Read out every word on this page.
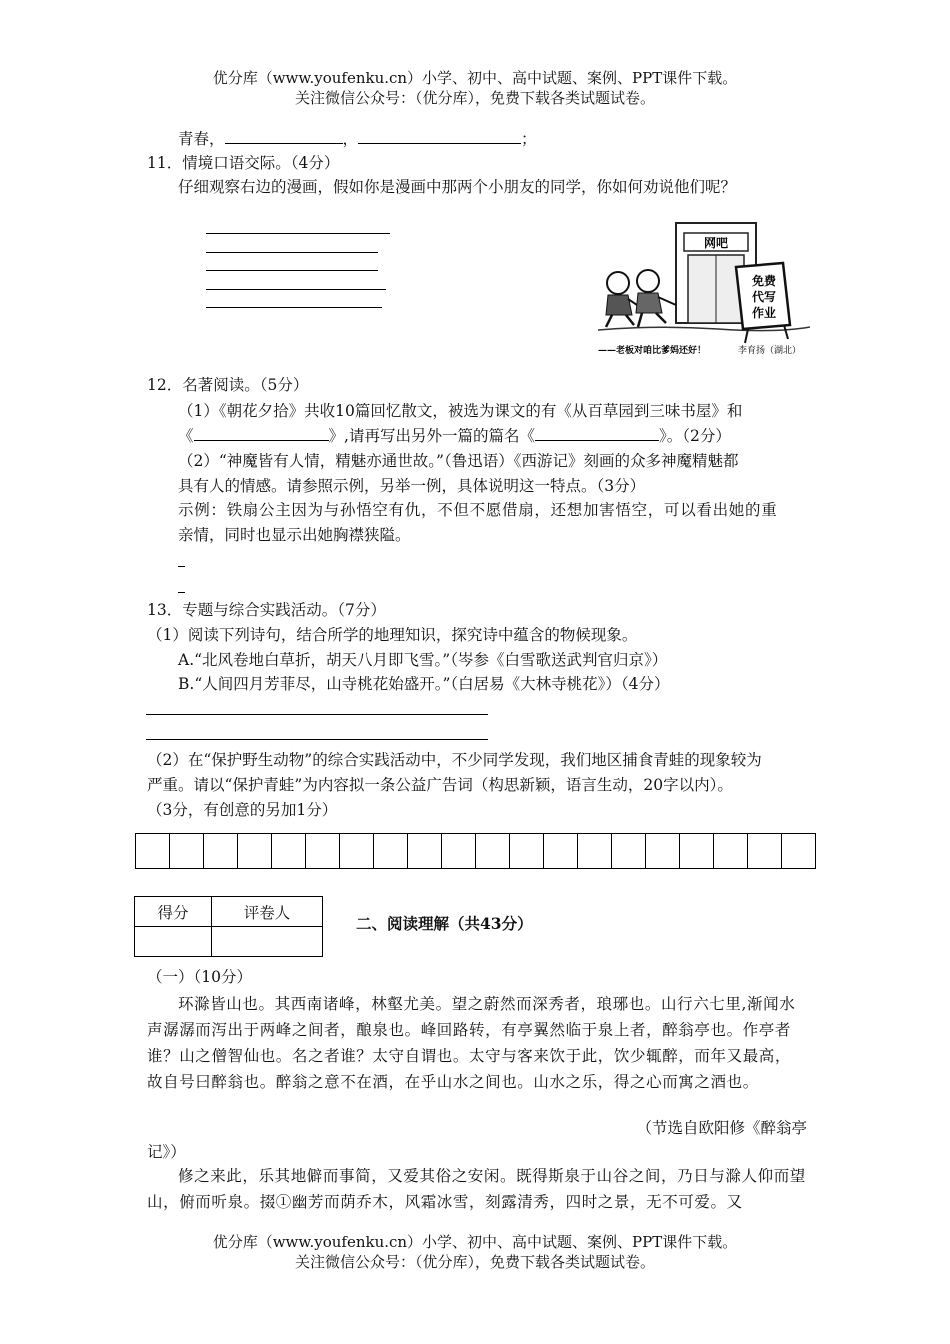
优分库（www.youfenku.cn）小学、初中、高中试题、案例、PPT课件下载。
关注微信公众号：（优分库），免费下载各类试题试卷。
青春，	，	；
11．情境口语交际。（4分）
仔细观察右边的漫画，假如你是漫画中那两个小朋友的同学，你如何劝说他们呢？
网吧
免费
代写
作业
——老板对咱比爹妈还好！	李育扬（湖北）
12．名著阅读。（5分）
（1）《朝花夕拾》共收10篇回忆散文，被选为课文的有《从百草园到三味书屋》和
《	》,请再写出另外一篇的篇名《	》。（2分）
（2）“神魔皆有人情，精魅亦通世故。”（鲁迅语）《西游记》刻画的众多神魔精魅都
具有人的情感。请参照示例，另举一例，具体说明这一特点。（3分）
示例：铁扇公主因为与孙悟空有仇，不但不愿借扇，还想加害悟空，可以看出她的重
亲情，同时也显示出她胸襟狭隘。
13．专题与综合实践活动。（7分）
（1）阅读下列诗句，结合所学的地理知识，探究诗中蕴含的物候现象。
A.“北风卷地白草折，胡天八月即飞雪。”（岑参《白雪歌送武判官归京》）
B.“人间四月芳菲尽，山寺桃花始盛开。”（白居易《大林寺桃花》）（4分）
（2）在“保护野生动物”的综合实践活动中，不少同学发现，我们地区捕食青蛙的现象较为
严重。请以“保护青蛙”为内容拟一条公益广告词（构思新颖，语言生动，20字以内）。
（3分，有创意的另加1分）
得分	评卷人

二、阅读理解（共43分）
（一）（10分）
环滁皆山也。其西南诸峰，林壑尤美。望之蔚然而深秀者，琅琊也。山行六七里,渐闻水声潺潺而泻出于两峰之间者，酿泉也。峰回路转，有亭翼然临于泉上者，醉翁亭也。作亭者谁？山之僧智仙也。名之者谁？太守自谓也。太守与客来饮于此，饮少辄醉，而年又最高，故自号曰醉翁也。醉翁之意不在酒，在乎山水之间也。山水之乐，得之心而寓之酒也。
（节选自欧阳修《醉翁亭
记》）
修之来此，乐其地僻而事简，又爱其俗之安闲。既得斯泉于山谷之间，乃日与滁人仰而望山，俯而听泉。掇①幽芳而荫乔木，风霜冰雪，刻露清秀，四时之景，无不可爱。又
优分库（www.youfenku.cn）小学、初中、高中试题、案例、PPT课件下载。
关注微信公众号：（优分库），免费下载各类试题试卷。
